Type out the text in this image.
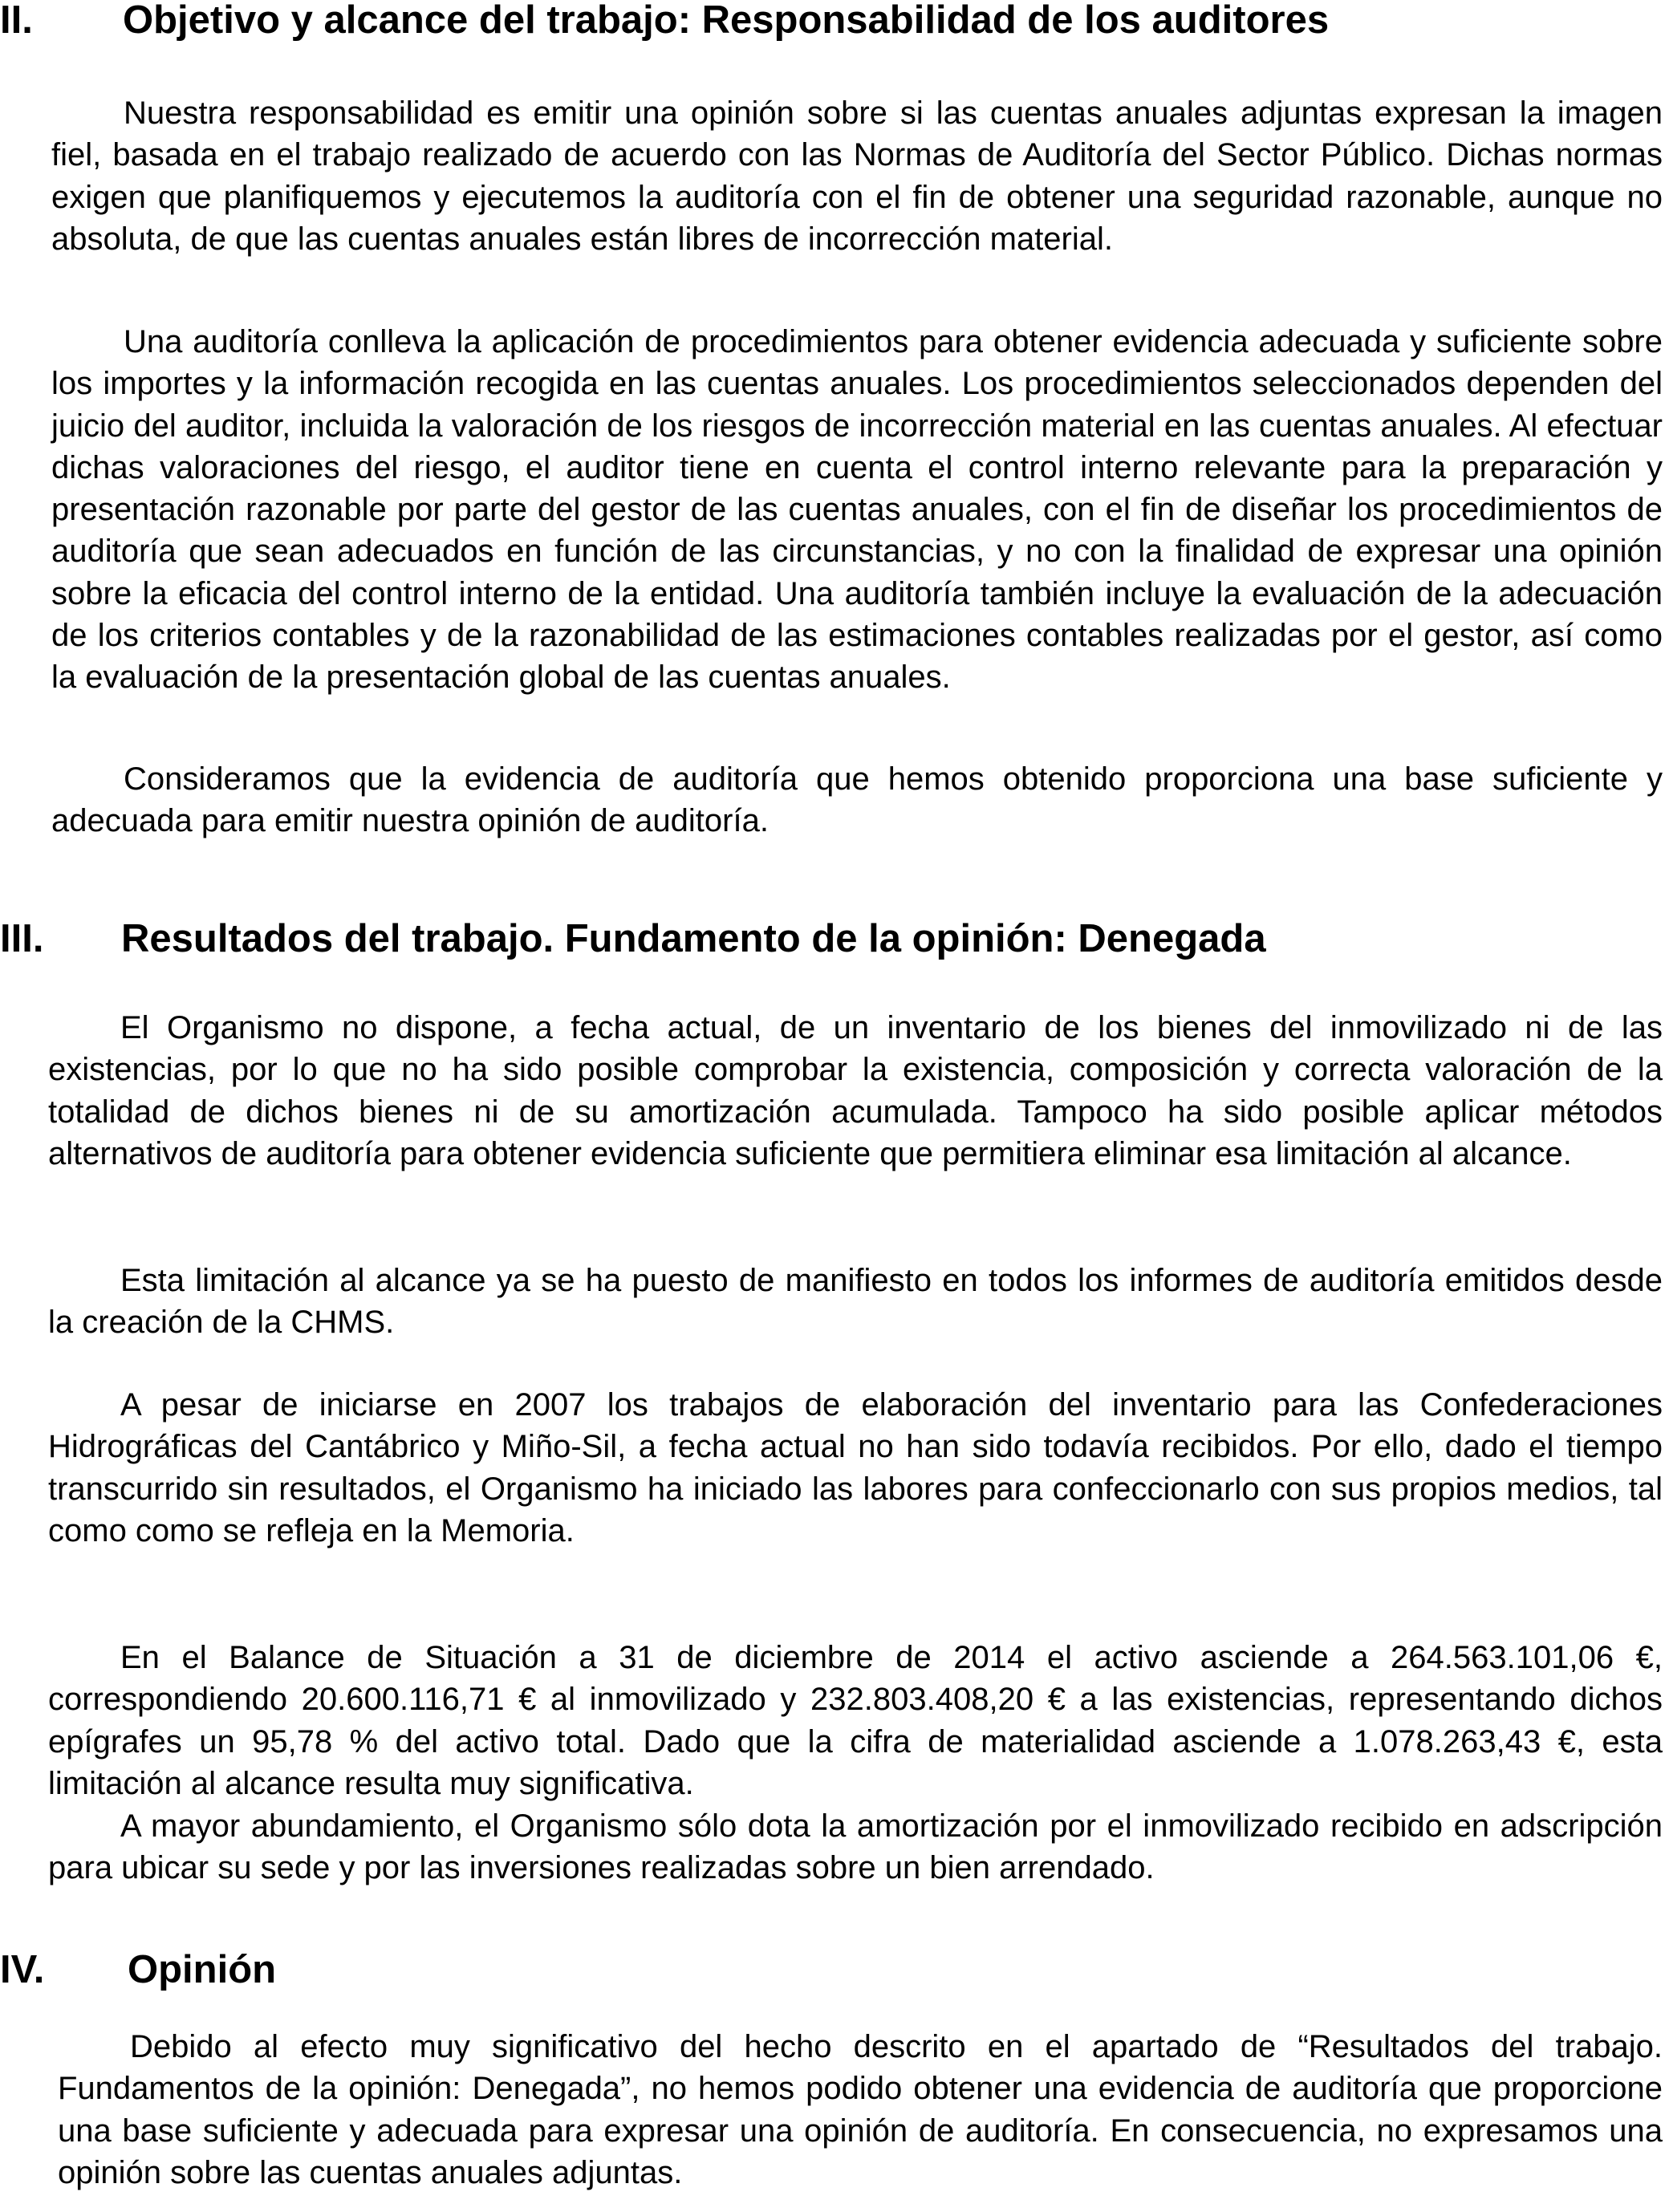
II. Objetivo y alcance del trabajo: Responsabilidad de los auditores

Nuestra responsabilidad es emitir una opinión sobre si las cuentas anuales adjuntas expresan la imagen fiel, basada en el trabajo realizado de acuerdo con las Normas de Auditoría del Sector Público. Dichas normas exigen que planifiquemos y ejecutemos la auditoría con el fin de obtener una seguridad razonable, aunque no absoluta, de que las cuentas anuales están libres de incorrección material.

Una auditoría conlleva la aplicación de procedimientos para obtener evidencia adecuada y suficiente sobre los importes y la información recogida en las cuentas anuales. Los procedimientos seleccionados dependen del juicio del auditor, incluida la valoración de los riesgos de incorrección material en las cuentas anuales. Al efectuar dichas valoraciones del riesgo, el auditor tiene en cuenta el control interno relevante para la preparación y presentación razonable por parte del gestor de las cuentas anuales, con el fin de diseñar los procedimientos de auditoría que sean adecuados en función de las circunstancias, y no con la finalidad de expresar una opinión sobre la eficacia del control interno de la entidad. Una auditoría también incluye la evaluación de la adecuación de los criterios contables y de la razonabilidad de las estimaciones contables realizadas por el gestor, así como la evaluación de la presentación global de las cuentas anuales.

Consideramos que la evidencia de auditoría que hemos obtenido proporciona una base suficiente y adecuada para emitir nuestra opinión de auditoría.

III. Resultados del trabajo. Fundamento de la opinión: Denegada

El Organismo no dispone, a fecha actual, de un inventario de los bienes del inmovilizado ni de las existencias, por lo que no ha sido posible comprobar la existencia, composición y correcta valoración de la totalidad de dichos bienes ni de su amortización acumulada. Tampoco ha sido posible aplicar métodos alternativos de auditoría para obtener evidencia suficiente que permitiera eliminar esa limitación al alcance.

Esta limitación al alcance ya se ha puesto de manifiesto en todos los informes de auditoría emitidos desde la creación de la CHMS.

A pesar de iniciarse en 2007 los trabajos de elaboración del inventario para las Confederaciones Hidrográficas del Cantábrico y Miño-Sil, a fecha actual no han sido todavía recibidos. Por ello, dado el tiempo transcurrido sin resultados, el Organismo ha iniciado las labores para confeccionarlo con sus propios medios, tal como como se refleja en la Memoria.

En el Balance de Situación a 31 de diciembre de 2014 el activo asciende a 264.563.101,06 €, correspondiendo 20.600.116,71 € al inmovilizado y 232.803.408,20 € a las existencias, representando dichos epígrafes un 95,78 % del activo total. Dado que la cifra de materialidad asciende a 1.078.263,43 €, esta limitación al alcance resulta muy significativa.

A mayor abundamiento, el Organismo sólo dota la amortización por el inmovilizado recibido en adscripción para ubicar su sede y por las inversiones realizadas sobre un bien arrendado.

IV. Opinión

Debido al efecto muy significativo del hecho descrito en el apartado de “Resultados del trabajo. Fundamentos de la opinión: Denegada”, no hemos podido obtener una evidencia de auditoría que proporcione una base suficiente y adecuada para expresar una opinión de auditoría. En consecuencia, no expresamos una opinión sobre las cuentas anuales adjuntas.
